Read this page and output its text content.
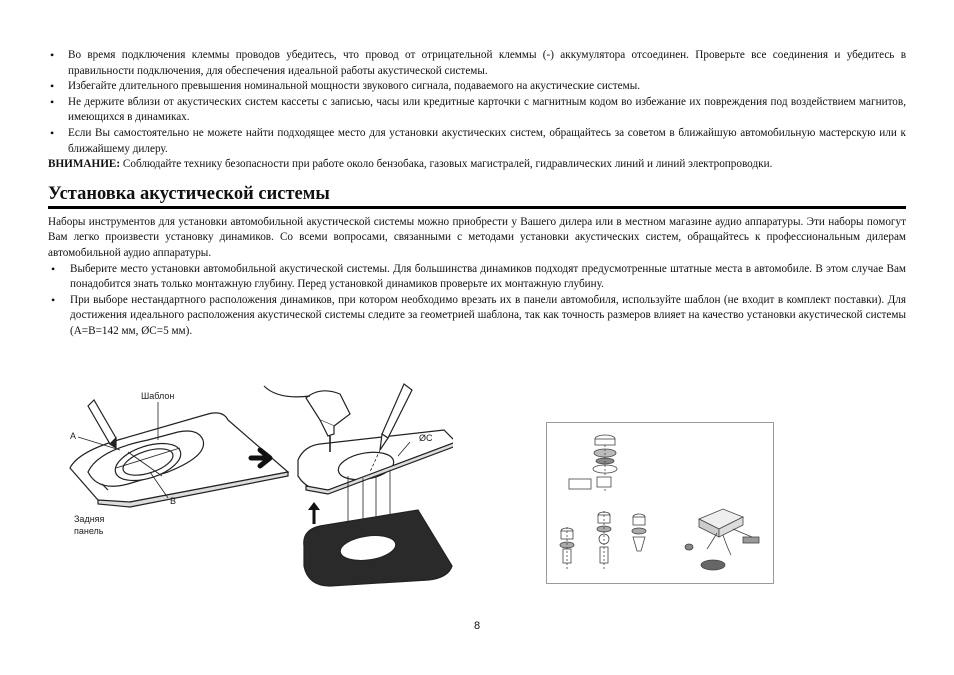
• Во время подключения клеммы проводов убедитесь, что провод от отрицательной клеммы (-) аккумулятора отсоединен. Проверьте все соединения и убедитесь в правильности подключения, для обеспечения идеальной работы акустической системы.
• Избегайте длительного превышения номинальной мощности звукового сигнала, подаваемого на акустические системы.
• Не держите вблизи от акустических систем кассеты с записью, часы или кредитные карточки с магнитным кодом во избежание их повреждения под воздействием магнитов, имеющихся в динамиках.
• Если Вы самостоятельно не можете найти подходящее место для установки акустических систем, обращайтесь за советом в ближайшую автомобильную мастерскую или к ближайшему дилеру.

ВНИМАНИЕ: Соблюдайте технику безопасности при работе около бензобака, газовых магистралей, гидравлических линий и линий электропроводки.

Установка акустической системы

Наборы инструментов для установки автомобильной акустической системы можно приобрести у Вашего дилера или в местном магазине аудио аппаратуры. Эти наборы помогут Вам легко произвести установку динамиков. Со всеми вопросами, связанными с методами установки акустических систем, обращайтесь к профессиональным дилерам автомобильной аудио аппаратуры.

• Выберите место установки автомобильной акустической системы. Для большинства динамиков подходят предусмотренные штатные места в автомобиле. В этом случае Вам понадобится знать только монтажную глубину. Перед установкой динамиков проверьте их монтажную глубину.
• При выборе нестандартного расположения динамиков, при котором необходимо врезать их в панели автомобиля, используйте шаблон (не входит в комплект поставки). Для достижения идеального расположения акустической системы следите за геометрией шаблона, так как точность размеров влияет на качество установки акустической системы (A=B=142 мм, ØC=5 мм).
Шаблон
A
B
Задняя
панель
ØC
8
